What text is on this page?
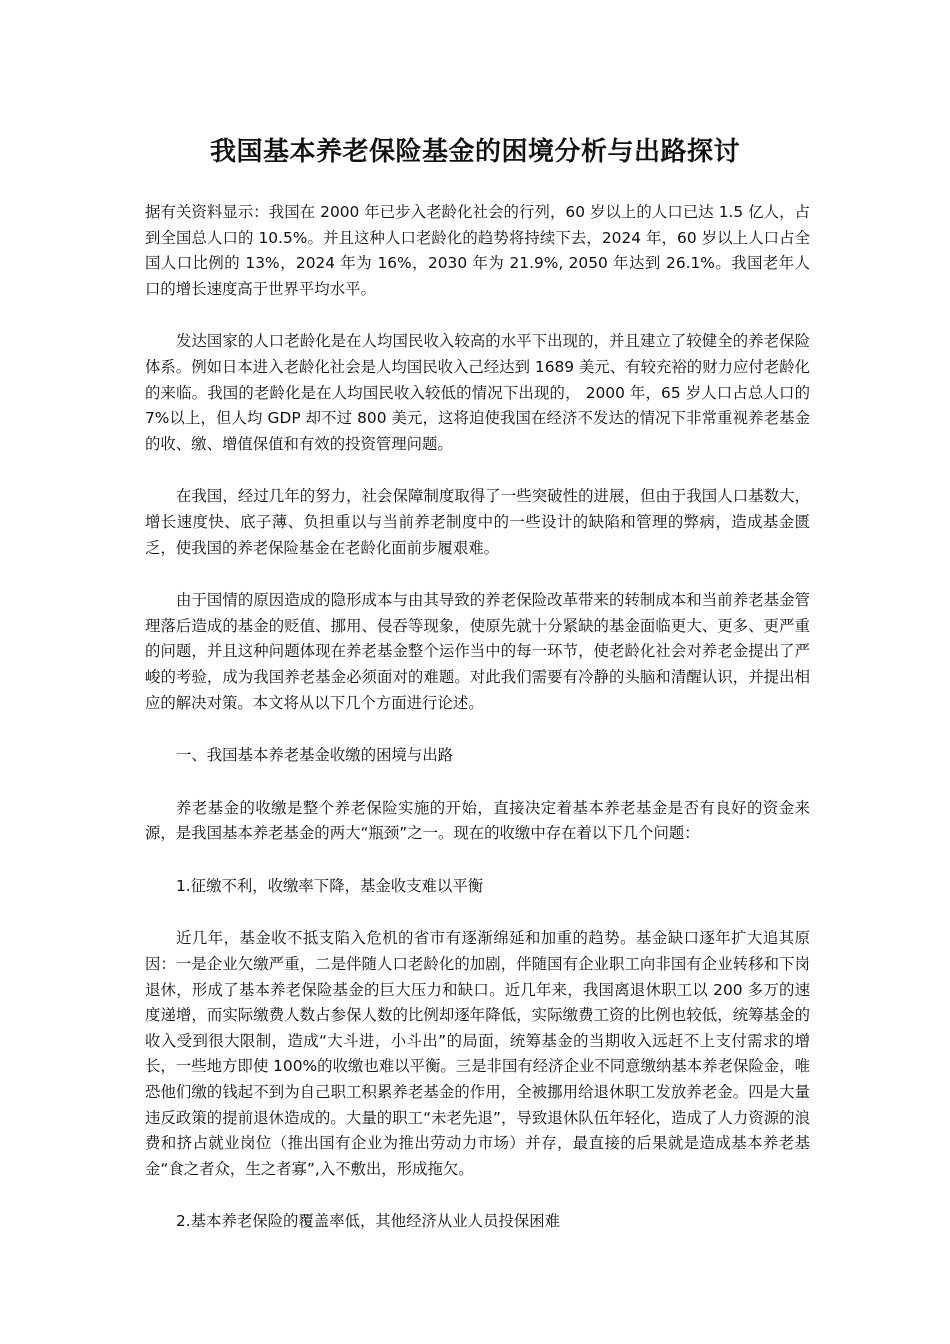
我国基本养老保险基金的困境分析与出路探讨

据有关资料显示：我国在 2000 年已步入老龄化社会的行列，60 岁以上的人口已达 1.5 亿人，占到全国总人口的 10.5%。并且这种人口老龄化的趋势将持续下去，2024 年，60 岁以上人口占全国人口比例的 13%，2024 年为 16%，2030 年为 21.9%, 2050 年达到 26.1%。我国老年人口的增长速度高于世界平均水平。

发达国家的人口老龄化是在人均国民收入较高的水平下出现的，并且建立了较健全的养老保险体系。例如日本进入老龄化社会是人均国民收入己经达到 1689 美元、有较充裕的财力应付老龄化的来临。我国的老龄化是在人均国民收入较低的情况下出现的， 2000 年，65 岁人口占总人口的 7%以上，但人均 GDP 却不过 800 美元，这将迫使我国在经济不发达的情况下非常重视养老基金的收、缴、增值保值和有效的投资管理问题。

在我国，经过几年的努力，社会保障制度取得了一些突破性的进展，但由于我国人口基数大，增长速度快、底子薄、负担重以与当前养老制度中的一些设计的缺陷和管理的弊病，造成基金匮乏，使我国的养老保险基金在老龄化面前步履艰难。

由于国情的原因造成的隐形成本与由其导致的养老保险改革带来的转制成本和当前养老基金管理落后造成的基金的贬值、挪用、侵吞等现象，使原先就十分紧缺的基金面临更大、更多、更严重的问题，并且这种问题体现在养老基金整个运作当中的每一环节，使老龄化社会对养老金提出了严峻的考验，成为我国养老基金必须面对的难题。对此我们需要有冷静的头脑和清醒认识，并提出相应的解决对策。本文将从以下几个方面进行论述。

一、我国基本养老基金收缴的困境与出路

养老基金的收缴是整个养老保险实施的开始，直接决定着基本养老基金是否有良好的资金来源，是我国基本养老基金的两大“瓶颈”之一。现在的收缴中存在着以下几个问题：

1.征缴不利，收缴率下降，基金收支难以平衡

近几年，基金收不抵支陷入危机的省市有逐渐绵延和加重的趋势。基金缺口逐年扩大追其原因：一是企业欠缴严重，二是伴随人口老龄化的加剧，伴随国有企业职工向非国有企业转移和下岗退休，形成了基本养老保险基金的巨大压力和缺口。近几年来，我国离退休职工以 200 多万的速度递增，而实际缴费人数占参保人数的比例却逐年降低，实际缴费工资的比例也较低，统筹基金的收入受到很大限制，造成“大斗进，小斗出”的局面，统筹基金的当期收入远赶不上支付需求的增长，一些地方即使 100%的收缴也难以平衡。三是非国有经济企业不同意缴纳基本养老保险金，唯恐他们缴的钱起不到为自己职工积累养老基金的作用，全被挪用给退休职工发放养老金。四是大量违反政策的提前退休造成的。大量的职工“未老先退”，导致退休队伍年轻化，造成了人力资源的浪费和挤占就业岗位（推出国有企业为推出劳动力市场）并存，最直接的后果就是造成基本养老基金“食之者众，生之者寡”,入不敷出，形成拖欠。

2.基本养老保险的覆盖率低，其他经济从业人员投保困难
